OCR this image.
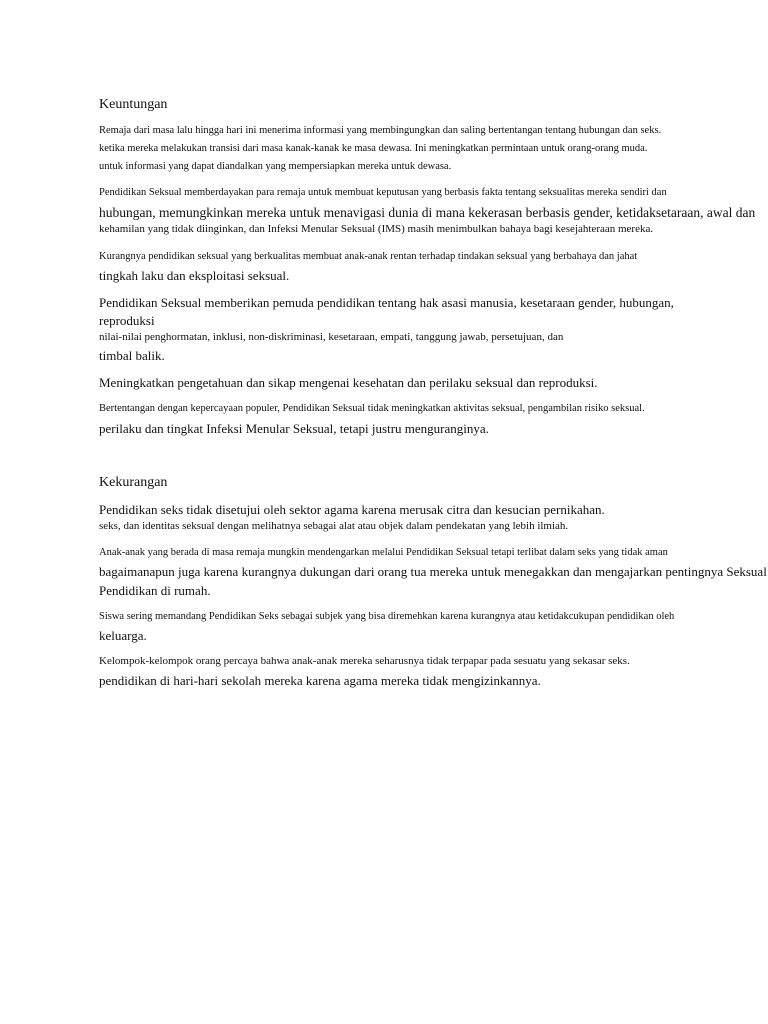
Keuntungan

Remaja dari masa lalu hingga hari ini menerima informasi yang membingungkan dan saling bertentangan tentang hubungan dan seks.

ketika mereka melakukan transisi dari masa kanak-kanak ke masa dewasa. Ini meningkatkan permintaan untuk orang-orang muda.

untuk informasi yang dapat diandalkan yang mempersiapkan mereka untuk dewasa.

Pendidikan Seksual memberdayakan para remaja untuk membuat keputusan yang berbasis fakta tentang seksualitas mereka sendiri dan

hubungan, memungkinkan mereka untuk menavigasi dunia di mana kekerasan berbasis gender, ketidaksetaraan, awal dan

kehamilan yang tidak diinginkan, dan Infeksi Menular Seksual (IMS) masih menimbulkan bahaya bagi kesejahteraan mereka.

Kurangnya pendidikan seksual yang berkualitas membuat anak-anak rentan terhadap tindakan seksual yang berbahaya dan jahat

tingkah laku dan eksploitasi seksual.

Pendidikan Seksual memberikan pemuda pendidikan tentang hak asasi manusia, kesetaraan gender, hubungan,

reproduksi

nilai-nilai penghormatan, inklusi, non-diskriminasi, kesetaraan, empati, tanggung jawab, persetujuan, dan

timbal balik.

Meningkatkan pengetahuan dan sikap mengenai kesehatan dan perilaku seksual dan reproduksi.

Bertentangan dengan kepercayaan populer, Pendidikan Seksual tidak meningkatkan aktivitas seksual, pengambilan risiko seksual.

perilaku dan tingkat Infeksi Menular Seksual, tetapi justru menguranginya.

Kekurangan

Pendidikan seks tidak disetujui oleh sektor agama karena merusak citra dan kesucian pernikahan.

seks, dan identitas seksual dengan melihatnya sebagai alat atau objek dalam pendekatan yang lebih ilmiah.

Anak-anak yang berada di masa remaja mungkin mendengarkan melalui Pendidikan Seksual tetapi terlibat dalam seks yang tidak aman

bagaimanapun juga karena kurangnya dukungan dari orang tua mereka untuk menegakkan dan mengajarkan pentingnya Seksual

Pendidikan di rumah.

Siswa sering memandang Pendidikan Seks sebagai subjek yang bisa diremehkan karena kurangnya atau ketidakcukupan pendidikan oleh

keluarga.

Kelompok-kelompok orang percaya bahwa anak-anak mereka seharusnya tidak terpapar pada sesuatu yang sekasar seks.

pendidikan di hari-hari sekolah mereka karena agama mereka tidak mengizinkannya.
